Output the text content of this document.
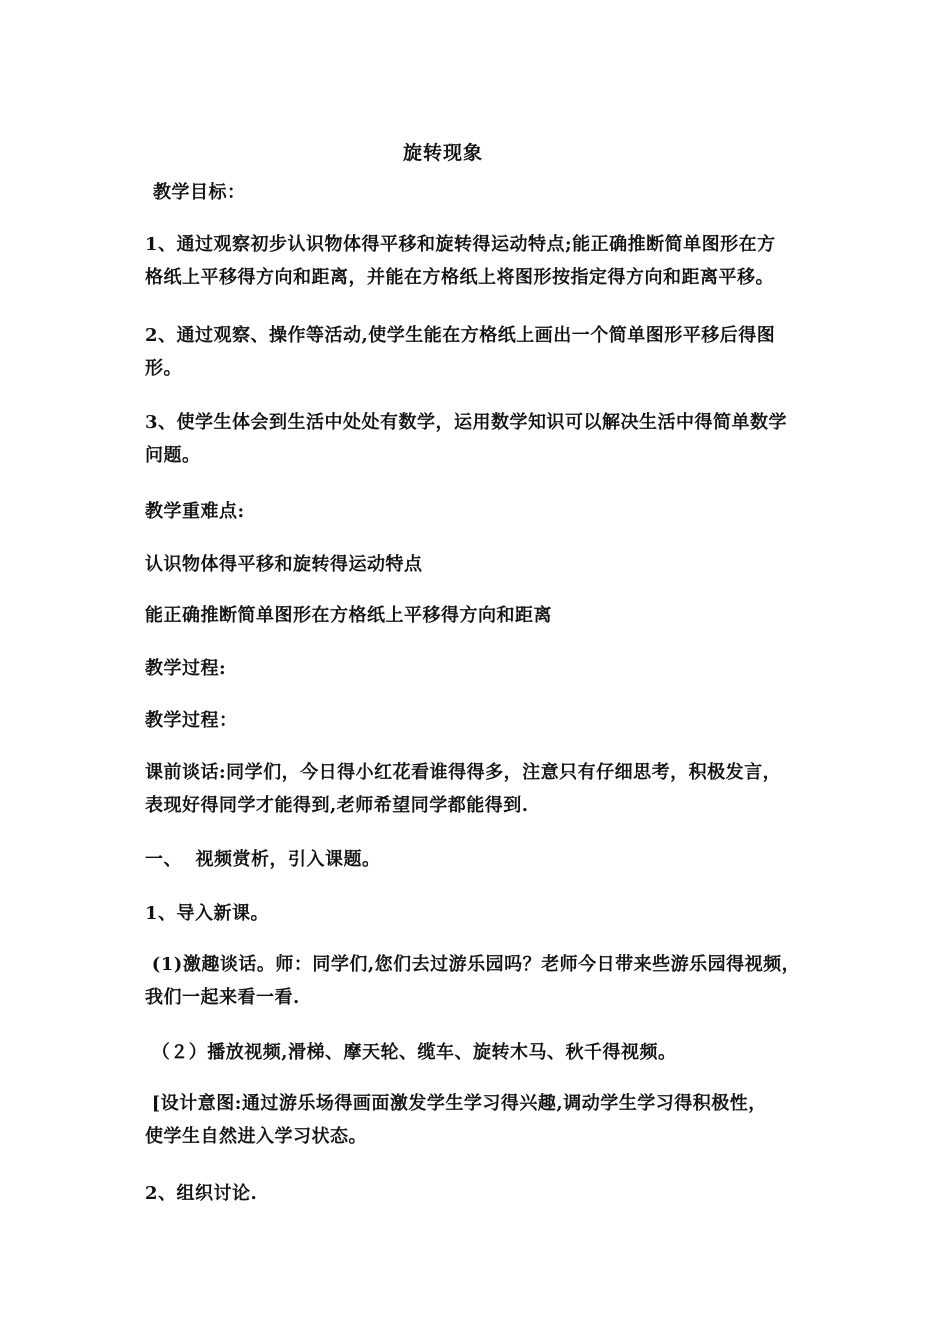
旋转现象
教学目标：
1、通过观察初步认识物体得平移和旋转得运动特点;能正确推断简单图形在方
格纸上平移得方向和距离，并能在方格纸上将图形按指定得方向和距离平移。
2、通过观察、操作等活动,使学生能在方格纸上画出一个简单图形平移后得图
形。
3、使学生体会到生活中处处有数学，运用数学知识可以解决生活中得简单数学
问题。
教学重难点:
认识物体得平移和旋转得运动特点
能正确推断简单图形在方格纸上平移得方向和距离
教学过程:
教学过程：
课前谈话:同学们，今日得小红花看谁得得多，注意只有仔细思考，积极发言，
表现好得同学才能得到,老师希望同学都能得到.
一、  视频赏析，引入课题。
1、导入新课。
(1)激趣谈话。师：同学们,您们去过游乐园吗？老师今日带来些游乐园得视频，
我们一起来看一看.
（２）播放视频,滑梯、摩天轮、缆车、旋转木马、秋千得视频。
[设计意图:通过游乐场得画面激发学生学习得兴趣,调动学生学习得积极性，
使学生自然进入学习状态。
2、组织讨论.
